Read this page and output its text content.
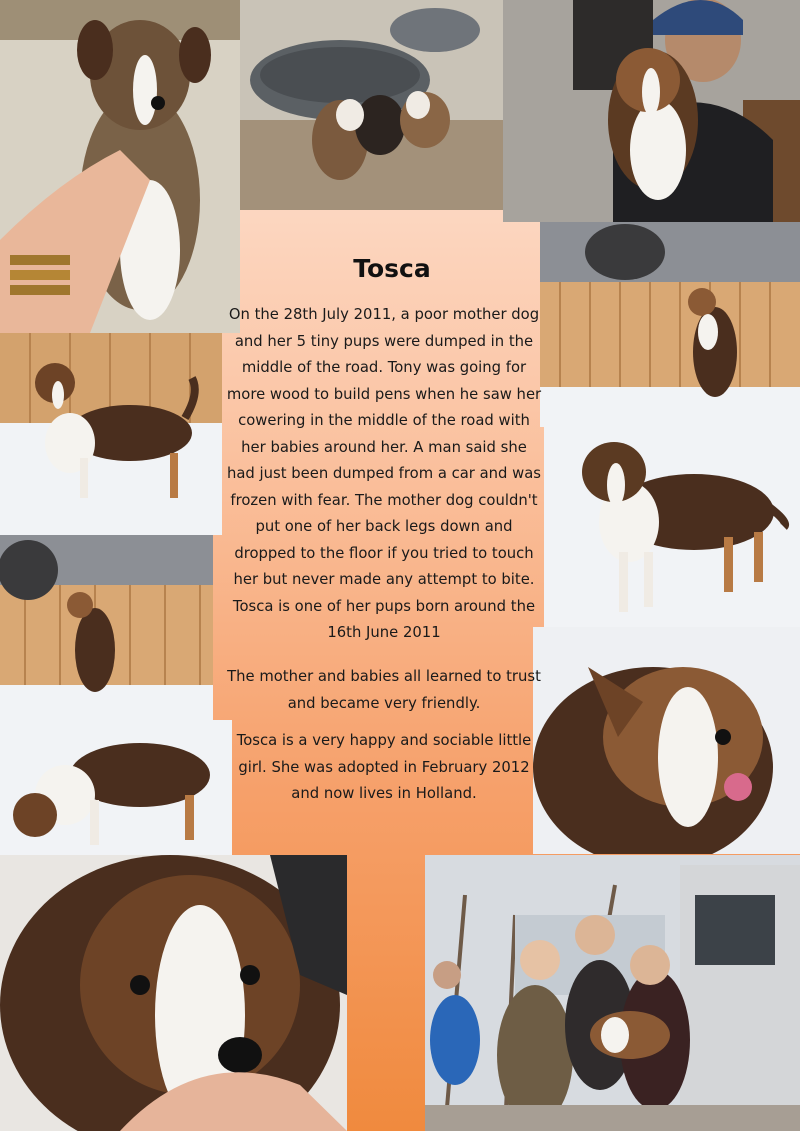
Tosca
On the 28th July 2011, a poor mother dog and her 5 tiny pups were dumped in the middle of the road. Tony was going for more wood to build pens when he saw her cowering in the middle of the road with her babies around her. A man said she had just been dumped from a car and was frozen with fear. The mother dog couldn't put one of her back legs down and dropped to the floor if you tried to touch her but never made any attempt to bite. Tosca is one of her pups born around the 16th June 2011
The mother and babies all learned to trust and became very friendly.
Tosca is a very happy and sociable little girl. She was adopted in February 2012 and now lives in Holland.
